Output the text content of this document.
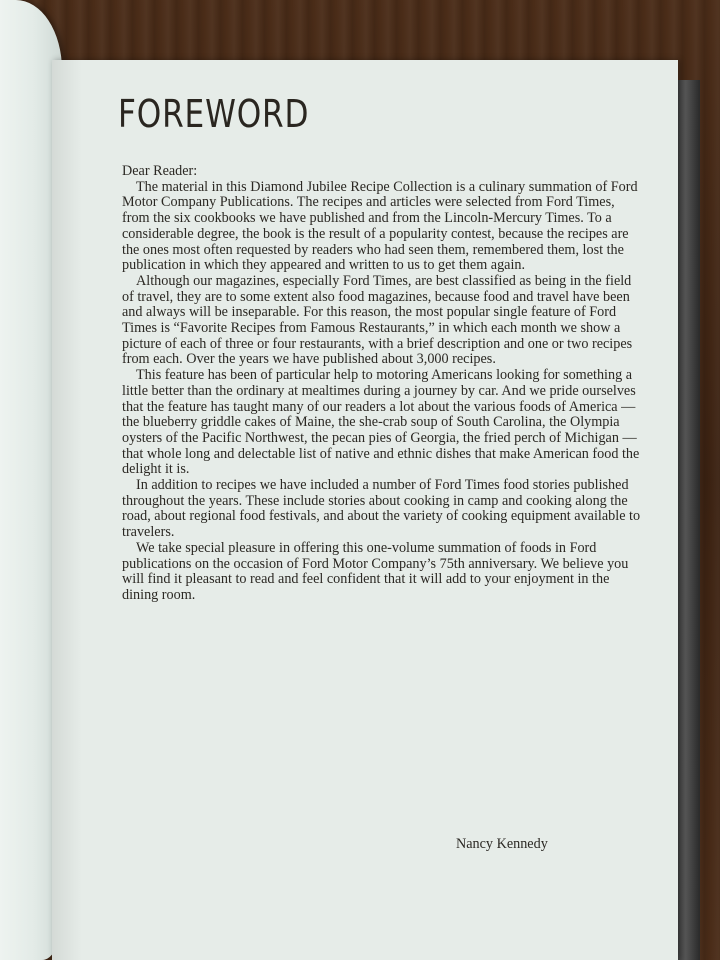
FOREWORD

Dear Reader:

The material in this Diamond Jubilee Recipe Collection is a culinary summation of Ford Motor Company Publications. The recipes and articles were selected from Ford Times, from the six cookbooks we have published and from the Lincoln-Mercury Times. To a considerable degree, the book is the result of a popularity contest, because the recipes are the ones most often requested by readers who had seen them, remembered them, lost the publication in which they appeared and written to us to get them again.

Although our magazines, especially Ford Times, are best classified as being in the field of travel, they are to some extent also food magazines, because food and travel have been and always will be inseparable. For this reason, the most popular single feature of Ford Times is “Favorite Recipes from Famous Restaurants,” in which each month we show a picture of each of three or four restaurants, with a brief description and one or two recipes from each. Over the years we have published about 3,000 recipes.

This feature has been of particular help to motoring Americans looking for something a little better than the ordinary at mealtimes during a journey by car. And we pride ourselves that the feature has taught many of our readers a lot about the various foods of America — the blueberry griddle cakes of Maine, the she-crab soup of South Carolina, the Olympia oysters of the Pacific Northwest, the pecan pies of Georgia, the fried perch of Michigan — that whole long and delectable list of native and ethnic dishes that make American food the delight it is.

In addition to recipes we have included a number of Ford Times food stories published throughout the years. These include stories about cooking in camp and cooking along the road, about regional food festivals, and about the variety of cooking equipment available to travelers.

We take special pleasure in offering this one-volume summation of foods in Ford publications on the occasion of Ford Motor Company’s 75th anniversary. We believe you will find it pleasant to read and feel confident that it will add to your enjoyment in the dining room.

Nancy Kennedy
